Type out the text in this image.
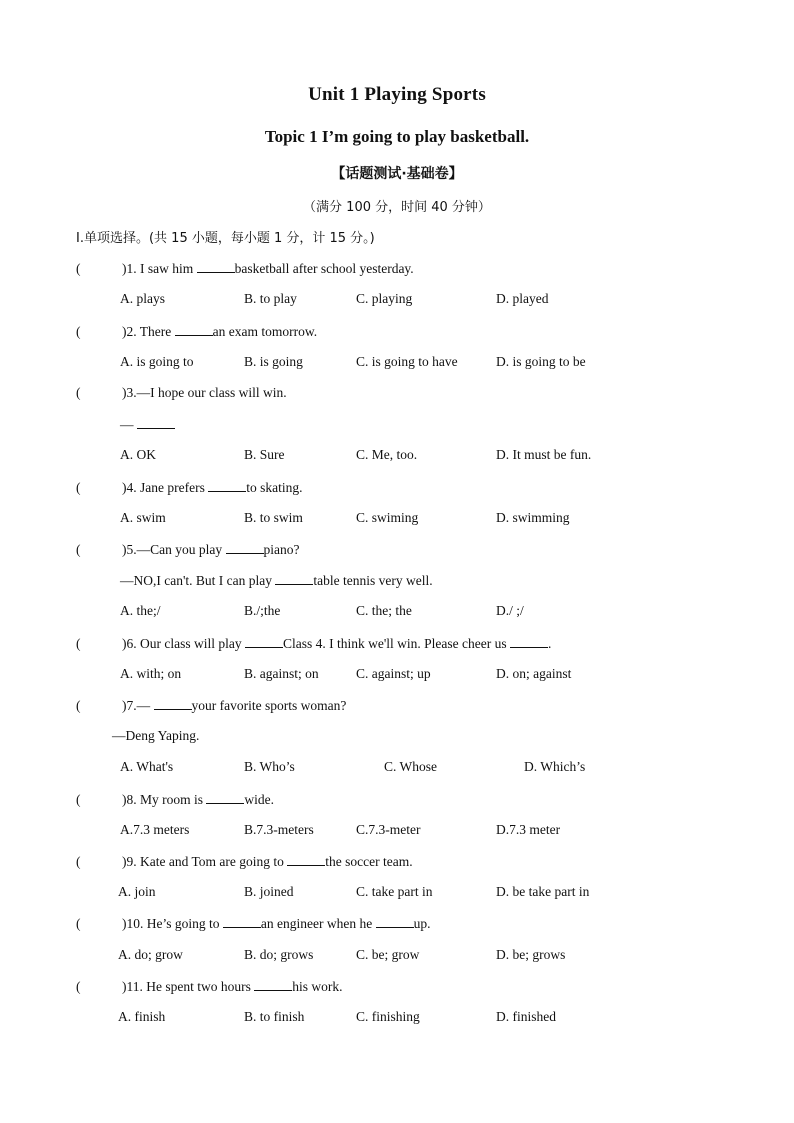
Unit 1 Playing Sports
Topic 1 I’m going to play basketball.
【话题测试·基础卷】
（满分 100 分，时间 40 分钟）
I.单项选择。(共 15 小题，每小题 1 分，计 15 分。)
(	)1. I saw him	basketball after school yesterday.
A. plays	B. to play	C. playing	D. played
(	)2. There	an exam tomorrow.
A. is going to	B. is going	C. is going to have	D. is going to be
(	)3.—I hope our class will win.
—
A. OK	B. Sure	C. Me, too.	D. It must be fun.
(	)4. Jane prefers	to skating.
A. swim	B. to swim	C. swiming	D. swimming
(	)5.—Can you play	piano?
—NO,I can't. But I can play	table tennis very well.
A. the;/	B./;the	C. the; the	D./ ;/
(	)6. Our class will play	Class 4. I think we'll win. Please cheer us	.
A. with; on	B. against; on	C. against; up	D. on; against
(	)7.—	your favorite sports woman?
—Deng Yaping.
A. What's	B. Who’s	C. Whose	D. Which’s
(	)8. My room is	wide.
A.7.3 meters	B.7.3-meters	C.7.3-meter	D.7.3 meter
(	)9. Kate and Tom are going to	the soccer team.
A. join	B. joined	C. take part in	D. be take part in
(	)10. He’s going to	an engineer when he	up.
A. do; grow	B. do; grows	C. be; grow	D. be; grows
(	)11. He spent two hours	his work.
A. finish	B. to finish	C. finishing	D. finished
